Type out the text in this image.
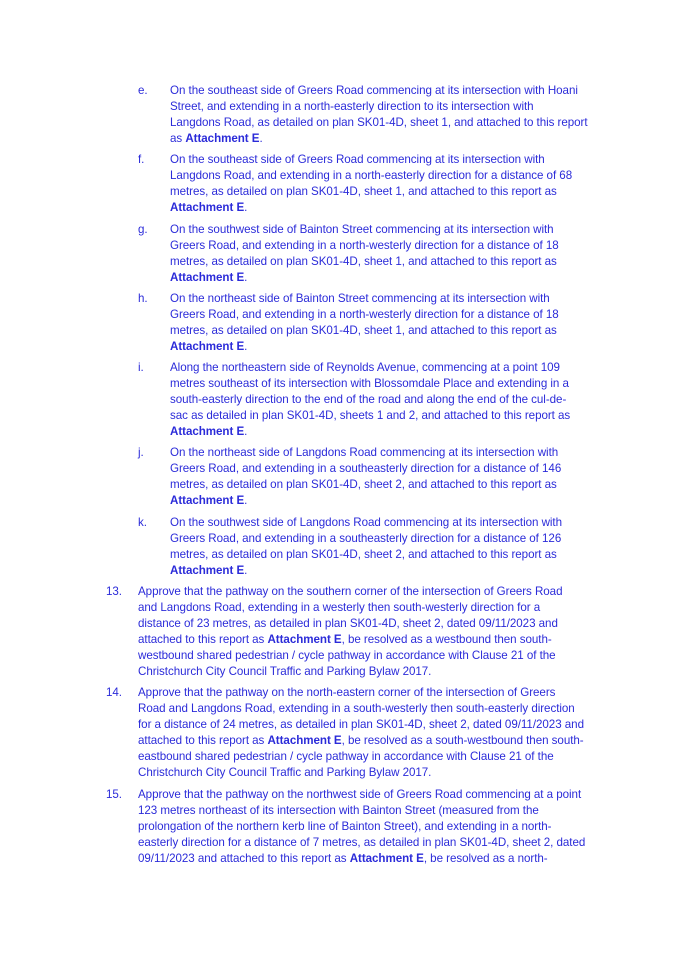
e. On the southeast side of Greers Road commencing at its intersection with Hoani
Street, and extending in a north-easterly direction to its intersection with
Langdons Road, as detailed on plan SK01-4D, sheet 1, and attached to this report
as Attachment E.
f. On the southeast side of Greers Road commencing at its intersection with
Langdons Road, and extending in a north-easterly direction for a distance of 68
metres, as detailed on plan SK01-4D, sheet 1, and attached to this report as
Attachment E.
g. On the southwest side of Bainton Street commencing at its intersection with
Greers Road, and extending in a north-westerly direction for a distance of 18
metres, as detailed on plan SK01-4D, sheet 1, and attached to this report as
Attachment E.
h. On the northeast side of Bainton Street commencing at its intersection with
Greers Road, and extending in a north-westerly direction for a distance of 18
metres, as detailed on plan SK01-4D, sheet 1, and attached to this report as
Attachment E.
i. Along the northeastern side of Reynolds Avenue, commencing at a point 109
metres southeast of its intersection with Blossomdale Place and extending in a
south-easterly direction to the end of the road and along the end of the cul-de-
sac as detailed in plan SK01-4D, sheets 1 and 2, and attached to this report as
Attachment E.
j. On the northeast side of Langdons Road commencing at its intersection with
Greers Road, and extending in a southeasterly direction for a distance of 146
metres, as detailed on plan SK01-4D, sheet 2, and attached to this report as
Attachment E.
k. On the southwest side of Langdons Road commencing at its intersection with
Greers Road, and extending in a southeasterly direction for a distance of 126
metres, as detailed on plan SK01-4D, sheet 2, and attached to this report as
Attachment E.
13. Approve that the pathway on the southern corner of the intersection of Greers Road
and Langdons Road, extending in a westerly then south-westerly direction for a
distance of 23 metres, as detailed in plan SK01-4D, sheet 2, dated 09/11/2023 and
attached to this report as Attachment E, be resolved as a westbound then south-
westbound shared pedestrian / cycle pathway in accordance with Clause 21 of the
Christchurch City Council Traffic and Parking Bylaw 2017.
14. Approve that the pathway on the north-eastern corner of the intersection of Greers
Road and Langdons Road, extending in a south-westerly then south-easterly direction
for a distance of 24 metres, as detailed in plan SK01-4D, sheet 2, dated 09/11/2023 and
attached to this report as Attachment E, be resolved as a south-westbound then south-
eastbound shared pedestrian / cycle pathway in accordance with Clause 21 of the
Christchurch City Council Traffic and Parking Bylaw 2017.
15. Approve that the pathway on the northwest side of Greers Road commencing at a point
123 metres northeast of its intersection with Bainton Street (measured from the
prolongation of the northern kerb line of Bainton Street), and extending in a north-
easterly direction for a distance of 7 metres, as detailed in plan SK01-4D, sheet 2, dated
09/11/2023 and attached to this report as Attachment E, be resolved as a north-
